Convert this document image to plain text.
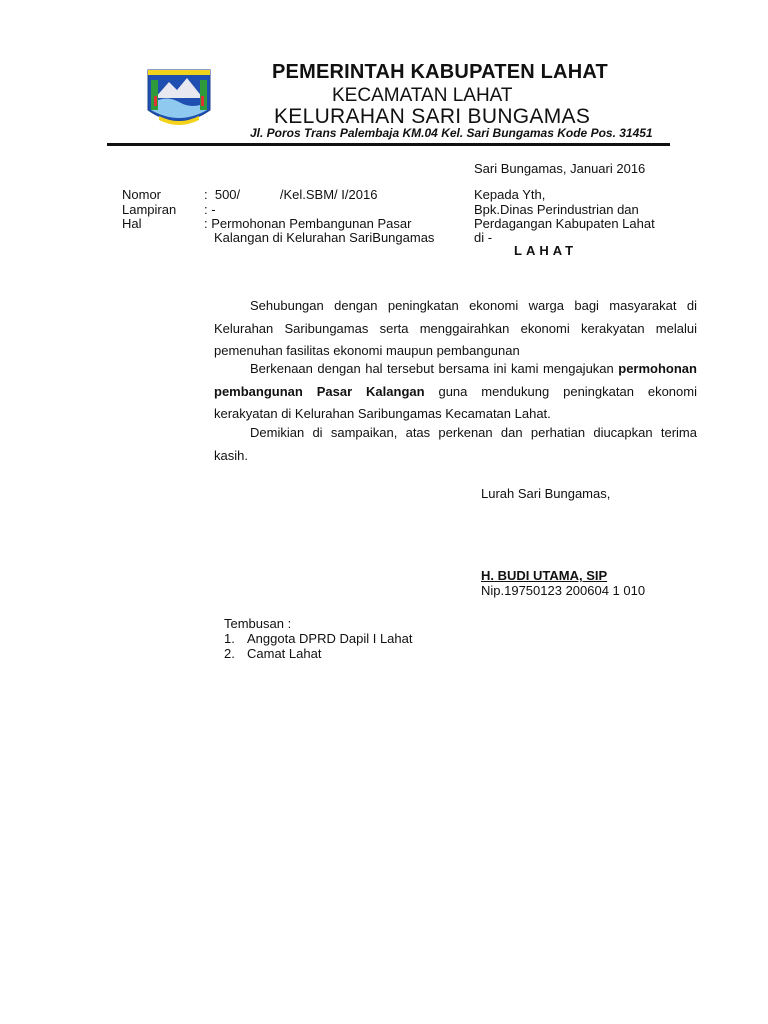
PEMERINTAH KABUPATEN LAHAT
KECAMATAN LAHAT
KELURAHAN SARI BUNGAMAS
Jl. Poros Trans Palembaja KM.04 Kel. Sari Bungamas Kode Pos. 31451
Sari Bungamas, Januari 2016
Nomor	:  500/           /Kel.SBM/ I/2016
Lampiran : -
Hal	: Permohonan Pembangunan Pasar
Kalangan di Kelurahan SariBungamas
Kepada Yth,
Bpk.Dinas Perindustrian dan
Perdagangan Kabupaten Lahat
di -
LAHAT
Sehubungan dengan peningkatan ekonomi warga bagi masyarakat di Kelurahan Saribungamas serta menggairahkan ekonomi kerakyatan melalui pemenuhan fasilitas ekonomi maupun pembangunan
Berkenaan dengan hal tersebut bersama ini kami mengajukan permohonan pembangunan Pasar Kalangan guna mendukung peningkatan ekonomi kerakyatan di Kelurahan Saribungamas Kecamatan Lahat.
Demikian di sampaikan, atas perkenan dan perhatian diucapkan terima kasih.
Lurah Sari Bungamas,
H. BUDI UTAMA, SIP
Nip.19750123 200604 1 010
Tembusan :
1. Anggota DPRD Dapil I Lahat
2. Camat Lahat
